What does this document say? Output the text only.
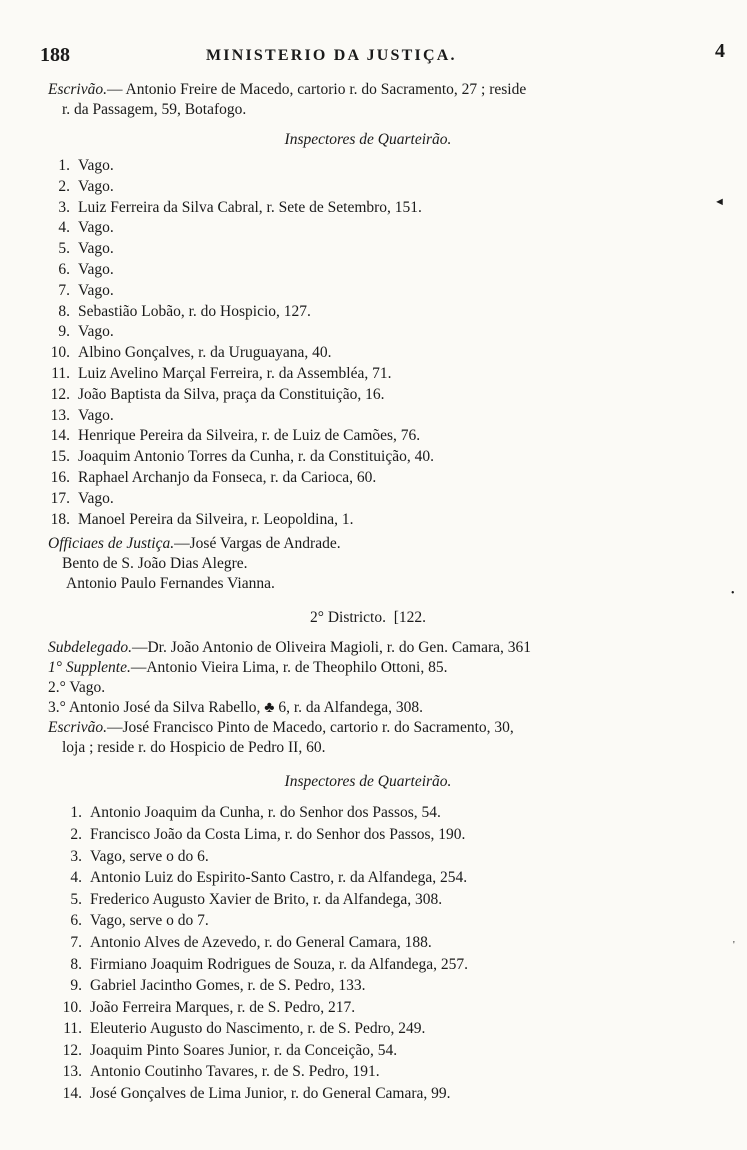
188	MINISTERIO DA JUSTIÇA.	4
◄
•
'

Escrivão.— Antonio Freire de Macedo, cartorio r. do Sacramento, 27 ; reside

r. da Passagem, 59, Botafogo.

Inspectores de Quarteirão.
1. Vago.
2. Vago.
3. Luiz Ferreira da Silva Cabral, r. Sete de Setembro, 151.
4. Vago.
5. Vago.
6. Vago.
7. Vago.
8. Sebastião Lobão, r. do Hospicio, 127.
9. Vago.
10. Albino Gonçalves, r. da Uruguayana, 40.
11. Luiz Avelino Marçal Ferreira, r. da Assembléa, 71.
12. João Baptista da Silva, praça da Constituição, 16.
13. Vago.
14. Henrique Pereira da Silveira, r. de Luiz de Camões, 76.
15. Joaquim Antonio Torres da Cunha, r. da Constituição, 40.
16. Raphael Archanjo da Fonseca, r. da Carioca, 60.
17. Vago.
18. Manoel Pereira da Silveira, r. Leopoldina, 1.
Officiaes de Justiça.—José Vargas de Andrade.
Bento de S. João Dias Alegre.
Antonio Paulo Fernandes Vianna.
2° Districto. [122.

Subdelegado.—Dr. João Antonio de Oliveira Magioli, r. do Gen. Camara, 361

1° Supplente.—Antonio Vieira Lima, r. de Theophilo Ottoni, 85.

2.° Vago.

3.° Antonio José da Silva Rabello, ♣ 6, r. da Alfandega, 308.

Escrivão.—José Francisco Pinto de Macedo, cartorio r. do Sacramento, 30,

loja ; reside r. do Hospicio de Pedro II, 60.

Inspectores de Quarteirão.
1. Antonio Joaquim da Cunha, r. do Senhor dos Passos, 54.
2. Francisco João da Costa Lima, r. do Senhor dos Passos, 190.
3. Vago, serve o do 6.
4. Antonio Luiz do Espirito-Santo Castro, r. da Alfandega, 254.
5. Frederico Augusto Xavier de Brito, r. da Alfandega, 308.
6. Vago, serve o do 7.
7. Antonio Alves de Azevedo, r. do General Camara, 188.
8. Firmiano Joaquim Rodrigues de Souza, r. da Alfandega, 257.
9. Gabriel Jacintho Gomes, r. de S. Pedro, 133.
10. João Ferreira Marques, r. de S. Pedro, 217.
11. Eleuterio Augusto do Nascimento, r. de S. Pedro, 249.
12. Joaquim Pinto Soares Junior, r. da Conceição, 54.
13. Antonio Coutinho Tavares, r. de S. Pedro, 191.
14. José Gonçalves de Lima Junior, r. do General Camara, 99.
